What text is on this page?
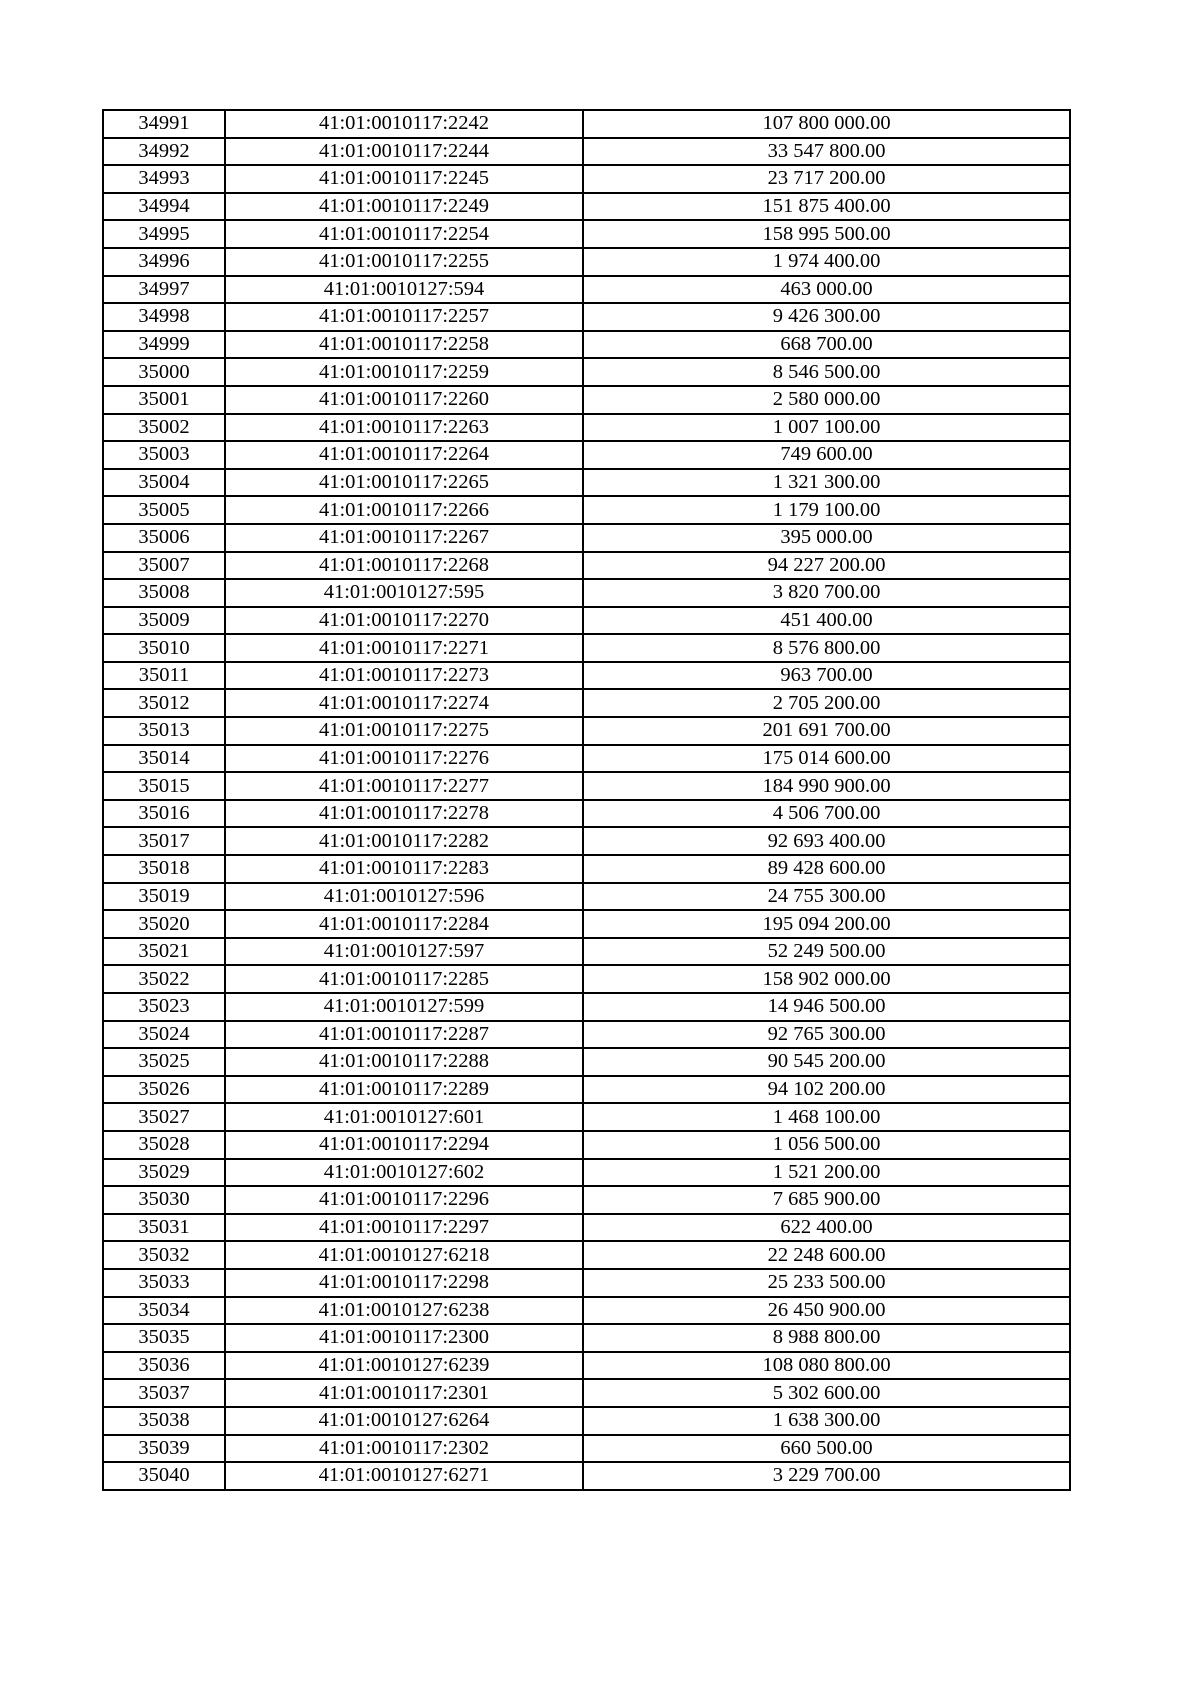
34991	41:01:0010117:2242	107 800 000.00
34992	41:01:0010117:2244	33 547 800.00
34993	41:01:0010117:2245	23 717 200.00
34994	41:01:0010117:2249	151 875 400.00
34995	41:01:0010117:2254	158 995 500.00
34996	41:01:0010117:2255	1 974 400.00
34997	41:01:0010127:594	463 000.00
34998	41:01:0010117:2257	9 426 300.00
34999	41:01:0010117:2258	668 700.00
35000	41:01:0010117:2259	8 546 500.00
35001	41:01:0010117:2260	2 580 000.00
35002	41:01:0010117:2263	1 007 100.00
35003	41:01:0010117:2264	749 600.00
35004	41:01:0010117:2265	1 321 300.00
35005	41:01:0010117:2266	1 179 100.00
35006	41:01:0010117:2267	395 000.00
35007	41:01:0010117:2268	94 227 200.00
35008	41:01:0010127:595	3 820 700.00
35009	41:01:0010117:2270	451 400.00
35010	41:01:0010117:2271	8 576 800.00
35011	41:01:0010117:2273	963 700.00
35012	41:01:0010117:2274	2 705 200.00
35013	41:01:0010117:2275	201 691 700.00
35014	41:01:0010117:2276	175 014 600.00
35015	41:01:0010117:2277	184 990 900.00
35016	41:01:0010117:2278	4 506 700.00
35017	41:01:0010117:2282	92 693 400.00
35018	41:01:0010117:2283	89 428 600.00
35019	41:01:0010127:596	24 755 300.00
35020	41:01:0010117:2284	195 094 200.00
35021	41:01:0010127:597	52 249 500.00
35022	41:01:0010117:2285	158 902 000.00
35023	41:01:0010127:599	14 946 500.00
35024	41:01:0010117:2287	92 765 300.00
35025	41:01:0010117:2288	90 545 200.00
35026	41:01:0010117:2289	94 102 200.00
35027	41:01:0010127:601	1 468 100.00
35028	41:01:0010117:2294	1 056 500.00
35029	41:01:0010127:602	1 521 200.00
35030	41:01:0010117:2296	7 685 900.00
35031	41:01:0010117:2297	622 400.00
35032	41:01:0010127:6218	22 248 600.00
35033	41:01:0010117:2298	25 233 500.00
35034	41:01:0010127:6238	26 450 900.00
35035	41:01:0010117:2300	8 988 800.00
35036	41:01:0010127:6239	108 080 800.00
35037	41:01:0010117:2301	5 302 600.00
35038	41:01:0010127:6264	1 638 300.00
35039	41:01:0010117:2302	660 500.00
35040	41:01:0010127:6271	3 229 700.00
